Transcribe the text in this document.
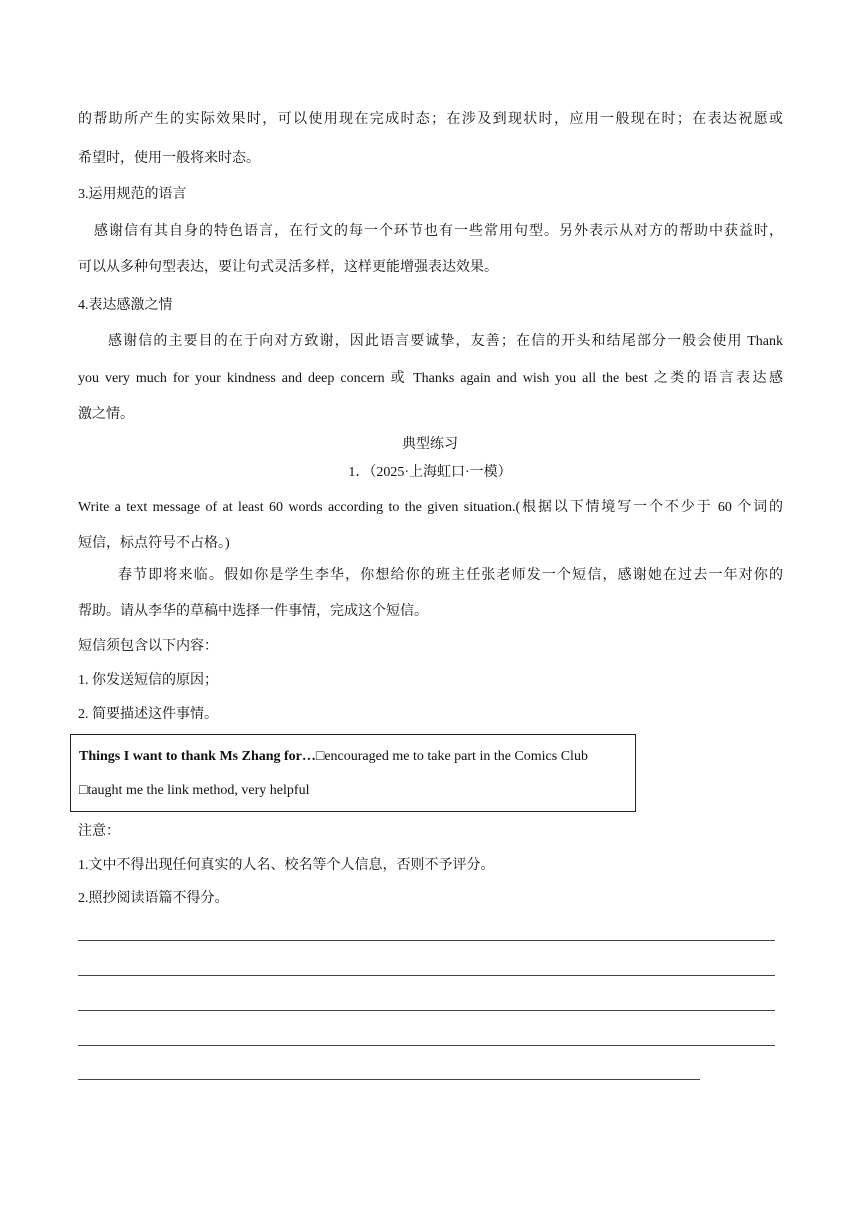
的帮助所产生的实际效果时，可以使用现在完成时态；在涉及到现状时，应用一般现在时；在表达祝愿或
希望时，使用一般将来时态。
3.运用规范的语言
感谢信有其自身的特色语言，在行文的每一个环节也有一些常用句型。另外表示从对方的帮助中获益时，
可以从多种句型表达，要让句式灵活多样，这样更能增强表达效果。
4.表达感激之情
感谢信的主要目的在于向对方致谢，因此语言要诚挚，友善；在信的开头和结尾部分一般会使用 Thank
you very much for your kindness and deep concern 或 Thanks again and wish you all the best 之类的语言表达感
激之情。
典型练习
1．（2025·上海虹口·一模）
Write a text message of at least 60 words according to the given situation.(根据以下情境写一个不少于 60 个词的
短信，标点符号不占格。)
春节即将来临。假如你是学生李华，你想给你的班主任张老师发一个短信，感谢她在过去一年对你的
帮助。请从李华的草稿中选择一件事情，完成这个短信。
短信须包含以下内容：
1. 你发送短信的原因；
2. 简要描述这件事情。
Things I want to thank Ms Zhang for…□encouraged me to take part in the Comics Club
□taught me the link method, very helpful
注意：
1.文中不得出现任何真实的人名、校名等个人信息，否则不予评分。
2.照抄阅读语篇不得分。
